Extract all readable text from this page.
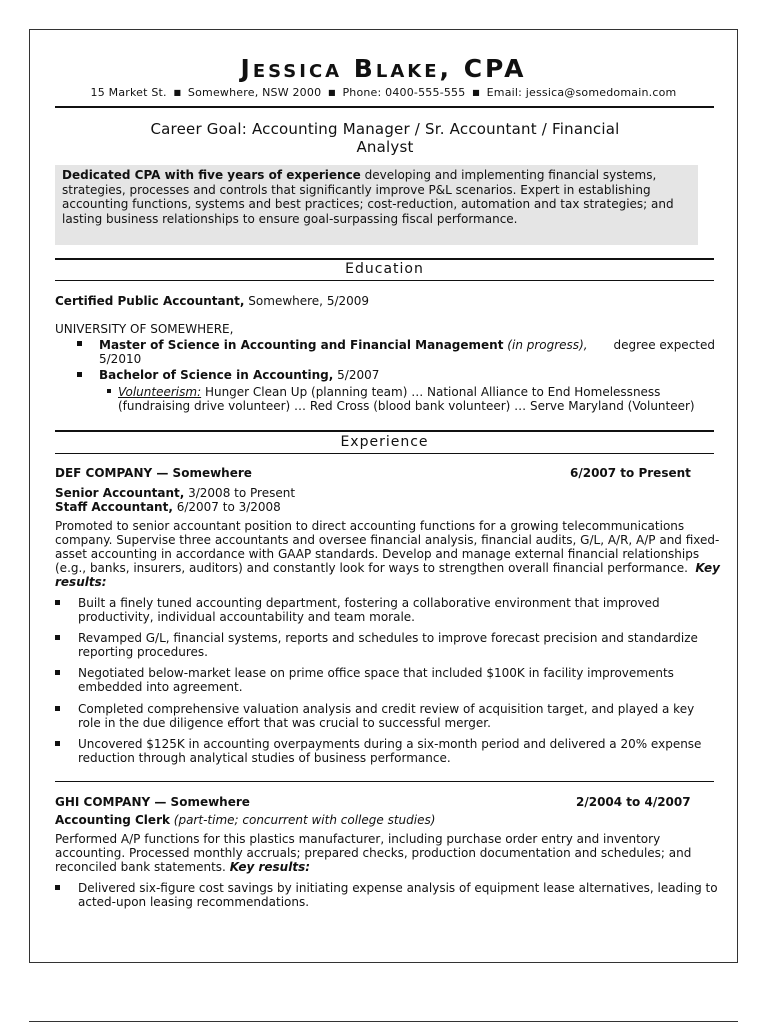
Jessica Blake, CPA
15 Market St. ■ Somewhere, NSW 2000 ■ Phone: 0400-555-555 ■ Email: jessica@somedomain.com
Career Goal: Accounting Manager / Sr. Accountant / Financial
Analyst
Dedicated CPA with five years of experience developing and implementing financial systems,
strategies, processes and controls that significantly improve P&L scenarios. Expert in establishing
accounting functions, systems and best practices; cost-reduction, automation and tax strategies; and
lasting business relationships to ensure goal-surpassing fiscal performance.
Education
Certified Public Accountant, Somewhere, 5/2009
UNIVERSITY OF SOMEWHERE,
Master of Science in Accounting and Financial Management (in progress), degree expected
5/2010
Bachelor of Science in Accounting, 5/2007
Volunteerism: Hunger Clean Up (planning team) … National Alliance to End Homelessness
(fundraising drive volunteer) … Red Cross (blood bank volunteer) … Serve Maryland (Volunteer)
Experience
DEF COMPANY — Somewhere	6/2007 to Present
Senior Accountant, 3/2008 to Present
Staff Accountant, 6/2007 to 3/2008
Promoted to senior accountant position to direct accounting functions for a growing telecommunications
company. Supervise three accountants and oversee financial analysis, financial audits, G/L, A/R, A/P and fixed-
asset accounting in accordance with GAAP standards. Develop and manage external financial relationships
(e.g., banks, insurers, auditors) and constantly look for ways to strengthen overall financial performance. Key
results:
Built a finely tuned accounting department, fostering a collaborative environment that improved
productivity, individual accountability and team morale.
Revamped G/L, financial systems, reports and schedules to improve forecast precision and standardize
reporting procedures.
Negotiated below-market lease on prime office space that included $100K in facility improvements
embedded into agreement.
Completed comprehensive valuation analysis and credit review of acquisition target, and played a key
role in the due diligence effort that was crucial to successful merger.
Uncovered $125K in accounting overpayments during a six-month period and delivered a 20% expense
reduction through analytical studies of business performance.
GHI COMPANY — Somewhere	2/2004 to 4/2007
Accounting Clerk (part-time; concurrent with college studies)
Performed A/P functions for this plastics manufacturer, including purchase order entry and inventory
accounting. Processed monthly accruals; prepared checks, production documentation and schedules; and
reconciled bank statements. Key results:
Delivered six-figure cost savings by initiating expense analysis of equipment lease alternatives, leading to
acted-upon leasing recommendations.
